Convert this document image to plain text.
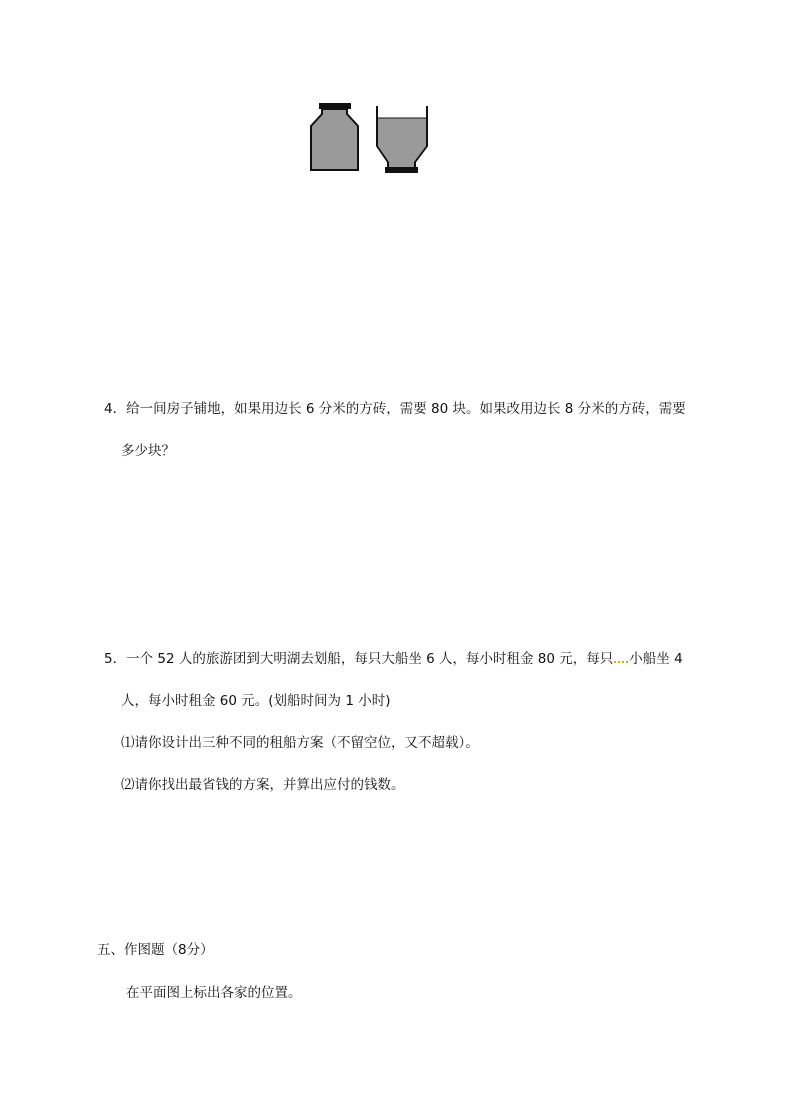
4．给一间房子铺地，如果用边长 6 分米的方砖，需要 80 块。如果改用边长 8 分米的方砖，需要
多少块？
5．一个 52 人的旅游团到大明湖去划船，每只大船坐 6 人，每小时租金 80 元，每只 小船坐 4
人，每小时租金 60 元。(划船时间为 1 小时)
⑴请你设计出三种不同的租船方案（不留空位，又不超载）。
⑵请你找出最省钱的方案，并算出应付的钱数。
五、作图题（8分）
在平面图上标出各家的位置。
